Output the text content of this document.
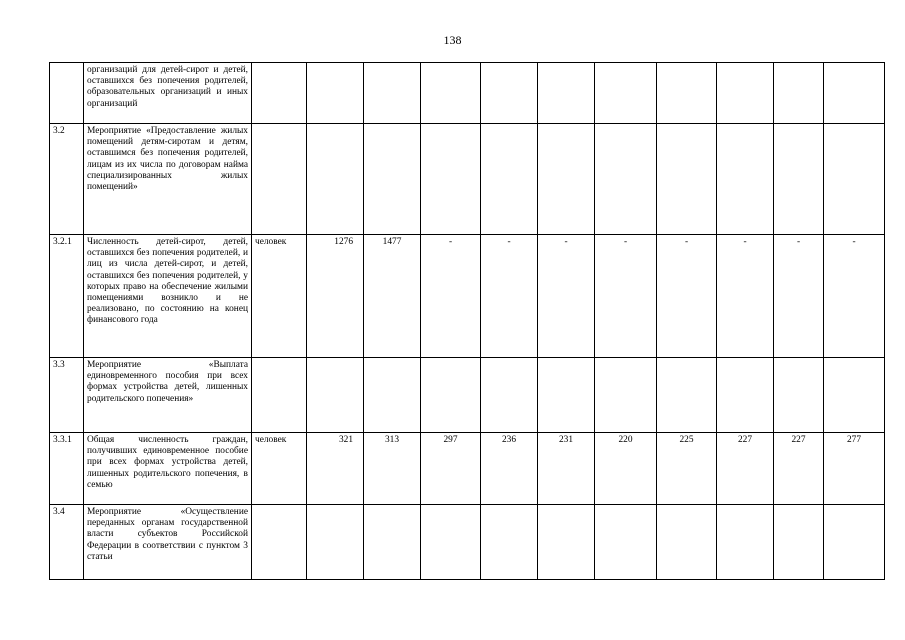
138
	организаций для детей-сирот и детей, оставшихся без попечения родителей, образовательных организаций и иных организаций											
3.2	Мероприятие «Предоставление жилых помещений детям-сиротам и детям, оставшимся без попечения родителей, лицам из их числа по договорам найма специализированных жилых помещений»											
3.2.1	Численность детей-сирот, детей, оставшихся без попечения родителей, и лиц из числа детей-сирот, и детей, оставшихся без попечения родителей, у которых право на обеспечение жилыми помещениями возникло и не реализовано, по состоянию на конец финансового года	человек	1276	1477	-	-	-	-	-	-	-	-
3.3	Мероприятие «Выплата единовременного пособия при всех формах устройства детей, лишенных родительского попечения»											
3.3.1	Общая численность граждан, получивших единовременное пособие при всех формах устройства детей, лишенных родительского попечения, в семью	человек	321	313	297	236	231	220	225	227	227	277
3.4	Мероприятие «Осуществление переданных органам государственной власти субъектов Российской Федерации в соответствии с пунктом 3 статьи											
